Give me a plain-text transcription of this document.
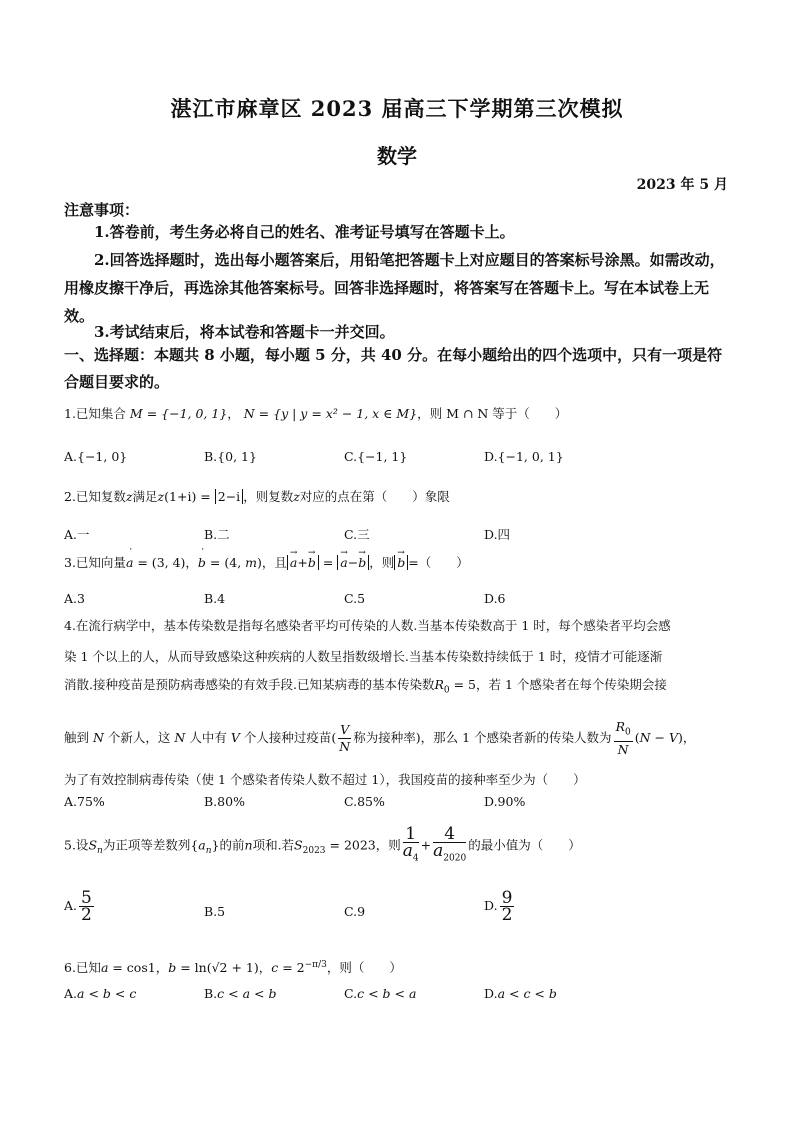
湛江市麻章区 2023 届高三下学期第三次模拟
数学
2023 年 5 月
注意事项：
1.答卷前，考生务必将自己的姓名、准考证号填写在答题卡上。
2.回答选择题时，选出每小题答案后，用铅笔把答题卡上对应题目的答案标号涂黑。如需改动，用橡皮擦干净后，再选涂其他答案标号。回答非选择题时，将答案写在答题卡上。写在本试卷上无效。
3.考试结束后，将本试卷和答题卡一并交回。
一、选择题：本题共 8 小题，每小题 5 分，共 40 分。在每小题给出的四个选项中，只有一项是符合题目要求的。
1.已知集合 M = {−1, 0, 1}， N = {y | y = x² − 1, x ∈ M}，则 M ∩ N 等于（　　）
A.{−1, 0}	B.{0, 1}	C.{−1, 1}	D.{−1, 0, 1}
2.已知复数z满足z(1+i) = 2−i ，则复数z对应的点在第（　　）象限
A.一	B.二	C.三	D.四
3.已知向量˙ a = (3, 4)，˙ b = (4, m)，且 → a+→ b = → a−→ b ，则 → b =（　　）
A.3	B.4	C.5	D.6
4.在流行病学中，基本传染数是指每名感染者平均可传染的人数.当基本传染数高于 1 时，每个感染者平均会感
染 1 个以上的人，从而导致感染这种疾病的人数呈指数级增长.当基本传染数持续低于 1 时，疫情才可能逐渐
消散.接种疫苗是预防病毒感染的有效手段.已知某病毒的基本传染数$R_0 = 5$，若 1 个感染者在每个传染期会接
触到 N 个新人，这 N 人中有 V 个人接种过疫苗( $\frac{V}{N}$ 称为接种率)，那么 1 个感染者新的传染人数为 $\frac{R_0}{N} (N - V)$，
为了有效控制病毒传染（使 1 个感染者传染人数不超过 1），我国疫苗的接种率至少为（　　）
A.75%	B.80%	C.85%	D.90%
5.设$S_n$为正项等差数列$\{a_n\}$的前n项和.若$S_{2023} = 2023$，则 $\frac{1}{a_4} + \frac{4}{a_{2020}}$ 的最小值为（　　）
A. $\frac{5}{2}$	B.5	C.9	D. $\frac{9}{2}$
6.已知a = cos1，b = ln(√2 + 1)，$c = 2^{-\pi/3}$，则（　　）
A.a < b < c	B.c < a < b	C.c < b < a	D.a < c < b
